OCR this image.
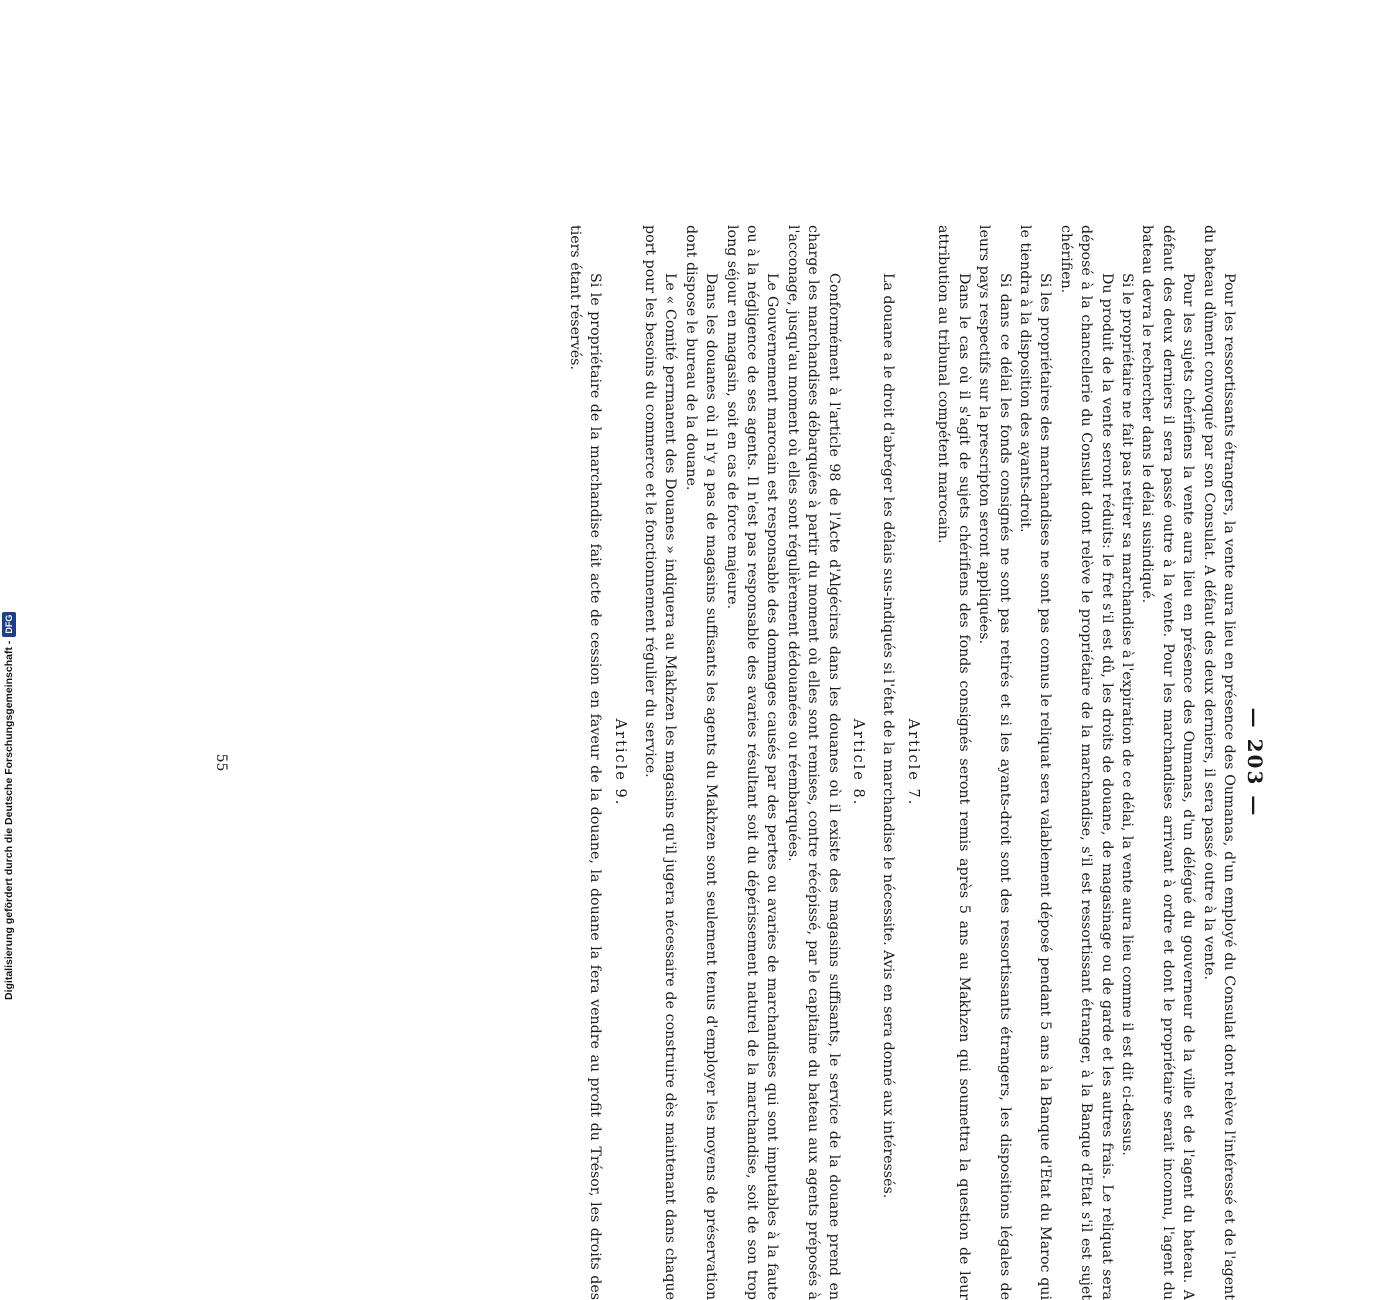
— 203 —

Pour les ressortissants étrangers, la vente aura lieu en présence des Oumanas, d'un employé du Consulat dont relève l'intéressé et de l'agent du bateau dûment convoqué par son Consulat. A défaut des deux derniers, il sera passé outre à la vente.

Pour les sujets chérifiens la vente aura lieu en présence des Oumanas, d'un délégué du gouverneur de la ville et de l'agent du bateau. A défaut des deux derniers il sera passé outre à la vente. Pour les marchandises arrivant à ordre et dont le propriétaire serait inconnu, l'agent du bateau devra le rechercher dans le délai susindiqué.

Si le propriétaire ne fait pas retirer sa marchandise à l'expiration de ce délai, la vente aura lieu comme il est dit ci-dessus.

Du produit de la vente seront réduits: le fret s'il est dû, les droits de douane, de magasinage ou de garde et les autres frais. Le reliquat sera déposé à la chancellerie du Consulat dont relève le propriétaire de la marchandise, s'il est ressortissant étranger, à la Banque d'Etat s'il est sujet chérifien.

Si les propriétaires des marchandises ne sont pas connus le reliquat sera valablement déposé pendant 5 ans à la Banque d'Etat du Maroc qui le tiendra à la disposition des ayants-droit.

Si dans ce délai les fonds consignés ne sont pas retirés et si les ayants-droit sont des ressortissants étrangers, les dispositions légales de leurs pays respectifs sur la prescripton seront appliquées.

Dans le cas où il s'agit de sujets chérifiens des fonds consignés seront remis après 5 ans au Makhzen qui soumettra la question de leur attribution au tribunal compétent marocain.

Article 7.

La douane a le droit d'abréger les délais sus-indiqués si l'état de la marchandise le nécessite. Avis en sera donné aux intéressés.

Article 8.

Conformément à l'article 98 de l'Acte d'Algéciras dans les douanes où il existe des magasins suffisants, le service de la douane prend en charge les marchandises débarquées à partir du moment où elles sont remises, contre récépissé, par le capitaine du bateau aux agents préposés à l'acconage, jusqu'au moment où elles sont régulièrement dédouanées ou réembarquées.

Le Gouvernement marocain est responsable des dommages causés par des pertes ou avaries de marchandises qui sont imputables à la faute ou à la négligence de ses agents. Il n'est pas responsable des avaries résultant soit du dépérissement naturel de la marchandise, soit de son trop long séjour en magasin, soit en cas de force majeure.

Dans les douanes où il n'y a pas de magasins suffisants les agents du Makhzen sont seulement tenus d'employer les moyens de préservation dont dispose le bureau de la douane.

Le « Comité permanent des Douanes » indiquera au Makhzen les magasins qu'il jugera nécessaire de construire dès maintenant dans chaque port pour les besoins du commerce et le fonctionnement régulier du service.

Article 9.

Si le propriétaire de la marchandise fait acte de cession en faveur de la douane, la douane la fera vendre au profit du Trésor, les droits des tiers étant réservés.

55
Digitalisierung gefördert durch die Deutsche Forschungsgemeinschaft -DFG
